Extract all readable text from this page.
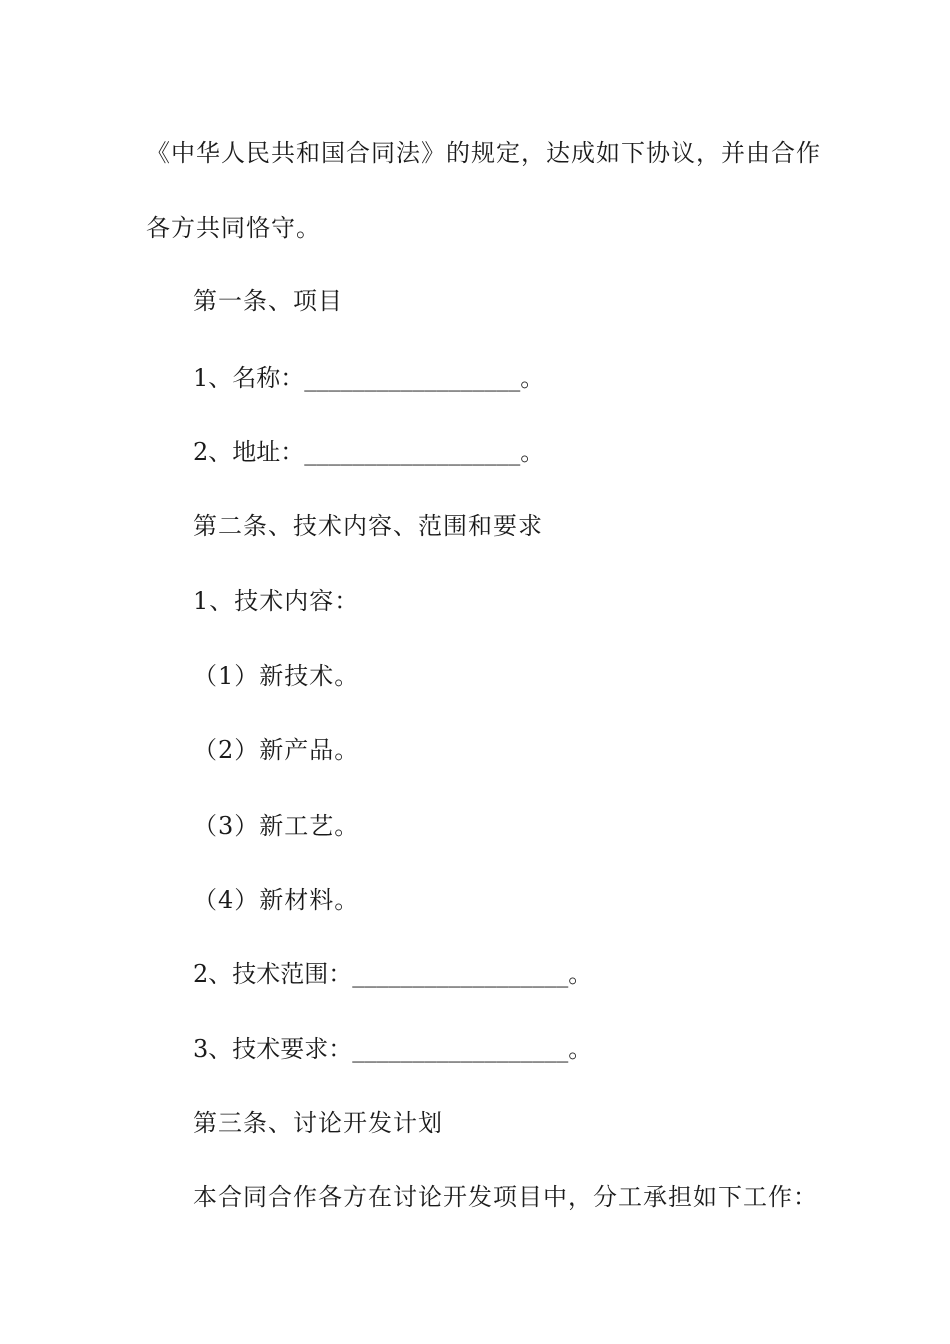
《中华人民共和国合同法》的规定，达成如下协议，并由合作
各方共同恪守。
第一条、项目
1、名称：__________________。
2、地址：__________________。
第二条、技术内容、范围和要求
1、技术内容：
（1）新技术。
（2）新产品。
（3）新工艺。
（4）新材料。
2、技术范围：__________________。
3、技术要求：__________________。
第三条、讨论开发计划
本合同合作各方在讨论开发项目中，分工承担如下工作：
